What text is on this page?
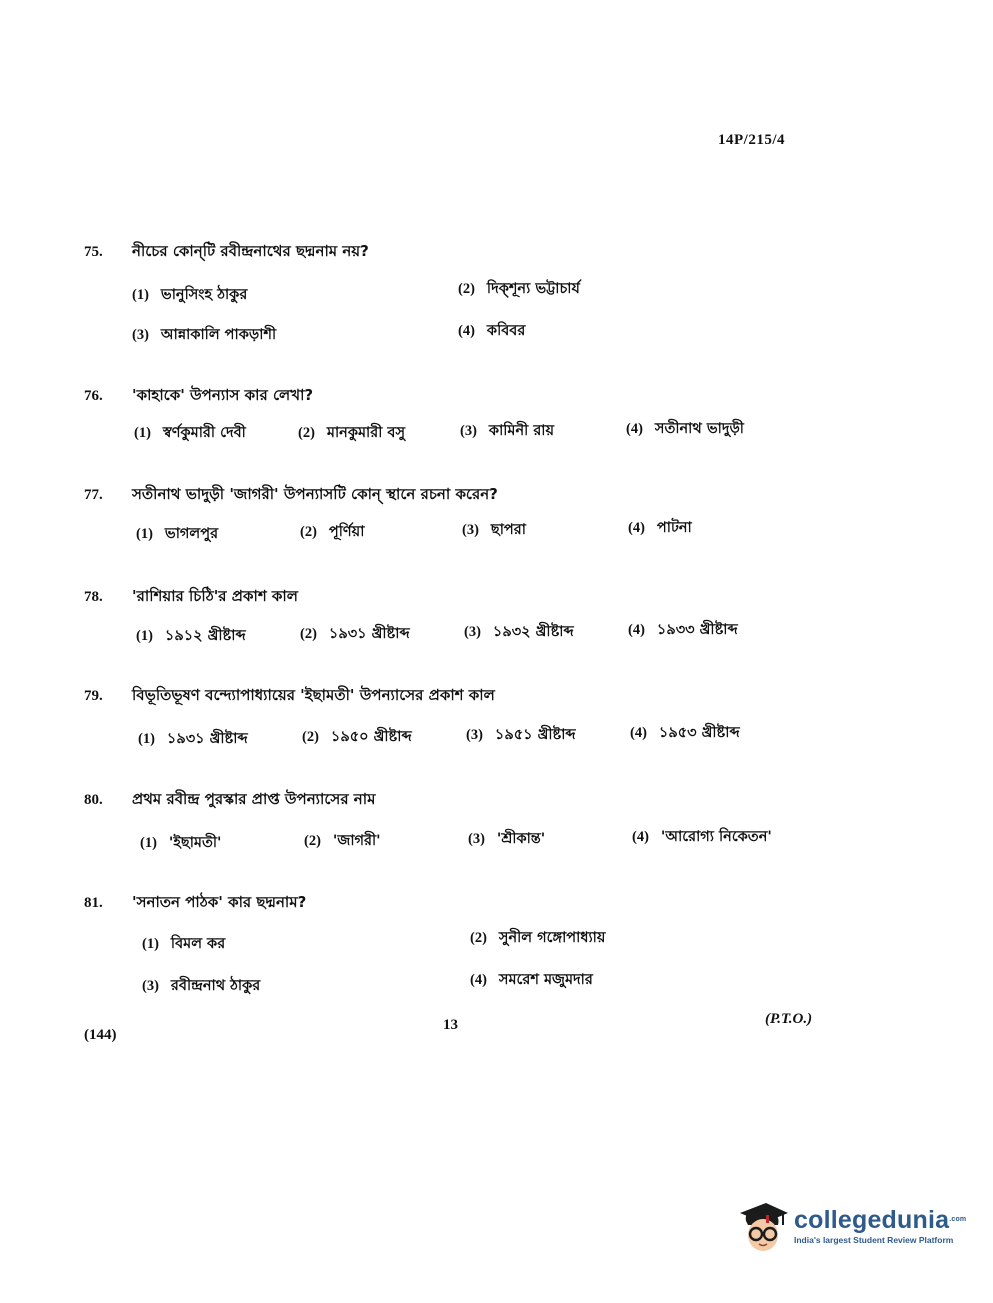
14P/215/4
75.	নীচের কোন্‌টি রবীন্দ্রনাথের ছদ্মনাম নয়?
(1) ভানুসিংহ ঠাকুর	(2) দিক্‌শূন্য ভট্টাচার্য
(3) আন্নাকালি পাকড়াশী	(4) কবিবর
76.	'কাহাকে' উপন্যাস কার লেখা?
(1) স্বর্ণকুমারী দেবী	(2) মানকুমারী বসু	(3) কামিনী রায়	(4) সতীনাথ ভাদুড়ী
77.	সতীনাথ ভাদুড়ী 'জাগরী' উপন্যাসটি কোন্‌ স্থানে রচনা করেন?
(1) ভাগলপুর	(2) পূর্ণিয়া	(3) ছাপরা	(4) পাটনা
78.	'রাশিয়ার চিঠি'র প্রকাশ কাল
(1) ১৯১২ খ্রীষ্টাব্দ	(2) ১৯৩১ খ্রীষ্টাব্দ	(3) ১৯৩২ খ্রীষ্টাব্দ	(4) ১৯৩৩ খ্রীষ্টাব্দ
79.	বিভূতিভূষণ বন্দ্যোপাধ্যায়ের 'ইছামতী' উপন্যাসের প্রকাশ কাল
(1) ১৯৩১ খ্রীষ্টাব্দ	(2) ১৯৫০ খ্রীষ্টাব্দ	(3) ১৯৫১ খ্রীষ্টাব্দ	(4) ১৯৫৩ খ্রীষ্টাব্দ
80.	প্রথম রবীন্দ্র পুরস্কার প্রাপ্ত উপন্যাসের নাম
(1) 'ইছামতী'	(2) 'জাগরী'	(3) 'শ্রীকান্ত'	(4) 'আরোগ্য নিকেতন'
81.	'সনাতন পাঠক' কার ছদ্মনাম?
(1) বিমল কর	(2) সুনীল গঙ্গোপাধ্যায়
(3) রবীন্দ্রনাথ ঠাকুর	(4) সমরেশ মজুমদার
(144)
13	(P.T.O.)
collegedunia$^{.com}$
India's largest Student Review Platform
